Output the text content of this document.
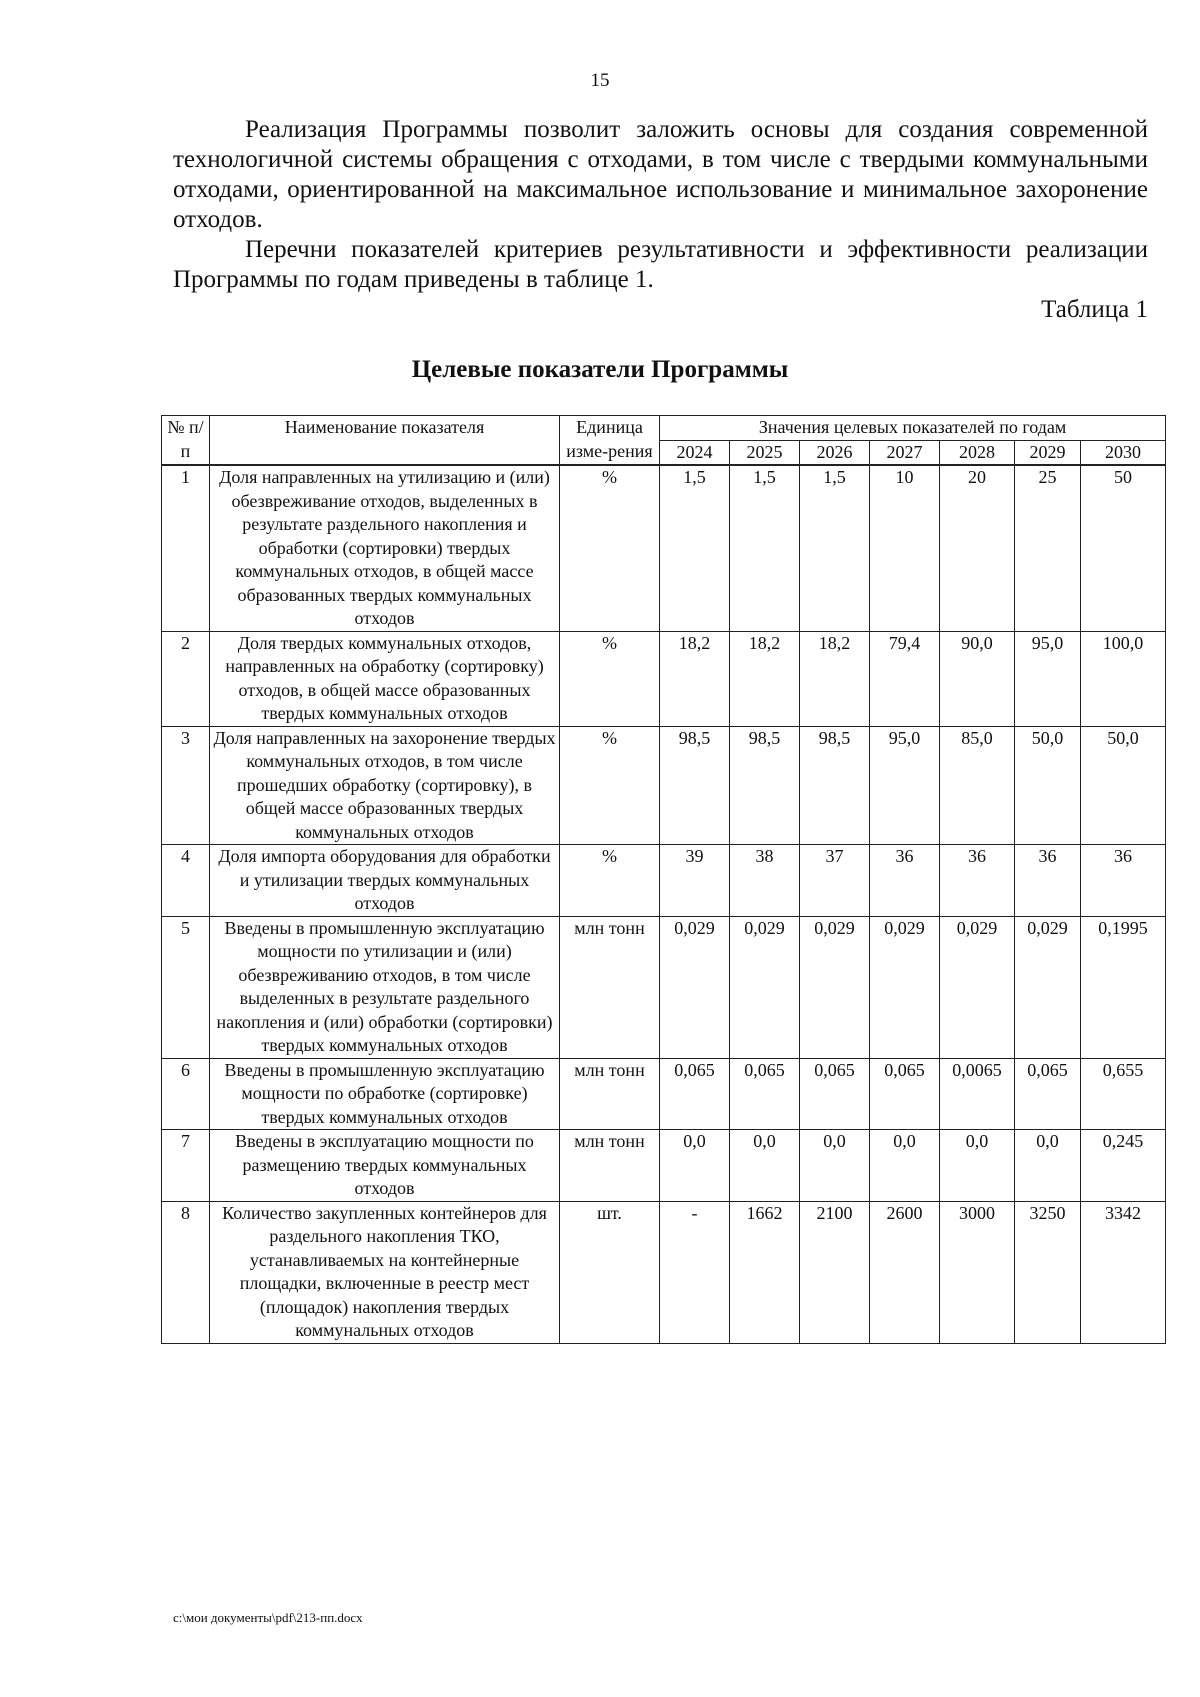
15

Реализация Программы позволит заложить основы для создания современной технологичной системы обращения с отходами, в том числе с твердыми коммунальными отходами, ориентированной на максимальное использование и минимальное захоронение отходов.

Перечни показателей критериев результативности и эффективности реализации Программы по годам приведены в таблице 1.

Таблица 1
Целевые показатели Программы
№ п/п	Наименование показателя	Единица изме-рения	Значения целевых показателей по годам						
			2024	2025	2026	2027	2028	2029	2030

1	Доля направленных на утилизацию и (или) обезвреживание отходов, выделенных в результате раздельного накопления и обработки (сортировки) твердых коммунальных отходов, в общей массе образованных твердых коммунальных отходов	%	1,5	1,5	1,5	10	20	25	50
2	Доля твердых коммунальных отходов, направленных на обработку (сортировку) отходов, в общей массе образованных твердых коммунальных отходов	%	18,2	18,2	18,2	79,4	90,0	95,0	100,0
3	Доля направленных на захоронение твердых коммунальных отходов, в том числе прошедших обработку (сортировку), в общей массе образованных твердых коммунальных отходов	%	98,5	98,5	98,5	95,0	85,0	50,0	50,0
4	Доля импорта оборудования для обработки и утилизации твердых коммунальных отходов	%	39	38	37	36	36	36	36
5	Введены в промышленную эксплуатацию мощности по утилизации и (или) обезвреживанию отходов, в том числе выделенных в результате раздельного накопления и (или) обработки (сортировки) твердых коммунальных отходов	млн тонн	0,029	0,029	0,029	0,029	0,029	0,029	0,1995
6	Введены в промышленную эксплуатацию мощности по обработке (сортировке) твердых коммунальных отходов	млн тонн	0,065	0,065	0,065	0,065	0,0065	0,065	0,655
7	Введены в эксплуатацию мощности по размещению твердых коммунальных отходов	млн тонн	0,0	0,0	0,0	0,0	0,0	0,0	0,245
8	Количество закупленных контейнеров для раздельного накопления ТКО, устанавливаемых на контейнерные площадки, включенные в реестр мест (площадок) накопления твердых коммунальных отходов	шт.	-	1662	2100	2600	3000	3250	3342
c:\мои документы\pdf\213-пп.docx
